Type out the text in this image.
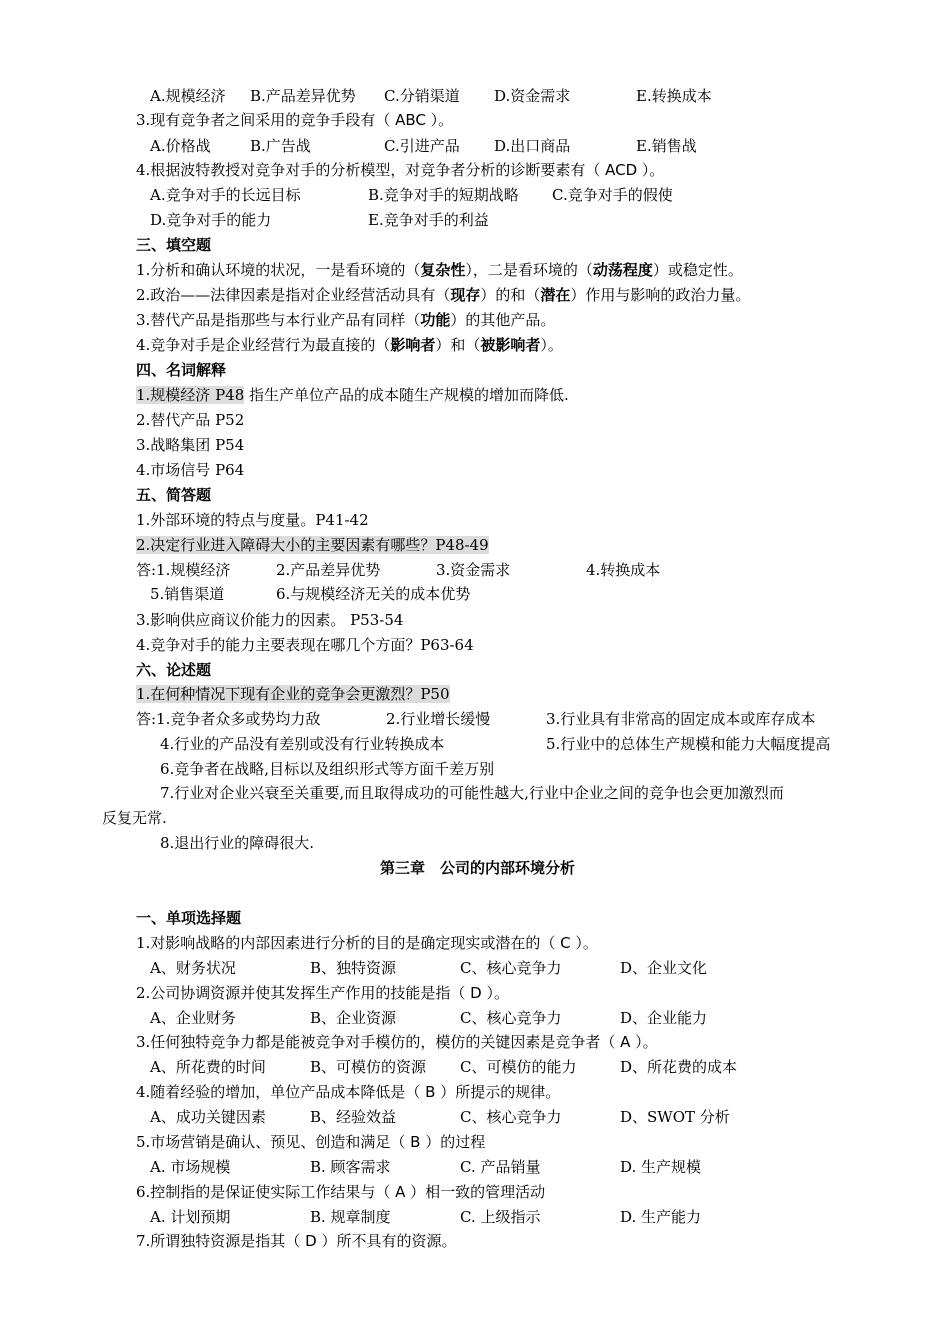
A.规模经济 B.产品差异优势 C.分销渠道 D.资金需求	E.转换成本
3.现有竞争者之间采用的竞争手段有（ ABC ）。
A.价格战	B.广告战	C.引进产品 D.出口商品	E.销售战
4.根据波特教授对竞争对手的分析模型，对竞争者分析的诊断要素有（ ACD ）。
A.竞争对手的长远目标	B.竞争对手的短期战略 C.竞争对手的假使
D.竞争对手的能力	E.竞争对手的利益
三、填空题
1.分析和确认环境的状况，一是看环境的（复杂性），二是看环境的（动荡程度）或稳定性。
2.政治——法律因素是指对企业经营活动具有（现存）的和（潜在）作用与影响的政治力量。
3.替代产品是指那些与本行业产品有同样（功能）的其他产品。
4.竞争对手是企业经营行为最直接的（影响者）和（被影响者）。
四、名词解释
1.规模经济 P48 指生产单位产品的成本随生产规模的增加而降低.
2.替代产品 P52
3.战略集团 P54
4.市场信号 P64
五、简答题
1.外部环境的特点与度量。P41-42
2.决定行业进入障碍大小的主要因素有哪些？P48-49
答:1.规模经济	2.产品差异优势	3.资金需求	4.转换成本
5.销售渠道	6.与规模经济无关的成本优势
3.影响供应商议价能力的因素。 P53-54
4.竞争对手的能力主要表现在哪几个方面？P63-64
六、论述题
1.在何种情况下现有企业的竞争会更激烈？P50
答:1.竞争者众多或势均力敌	2.行业增长缓慢	3.行业具有非常高的固定成本或库存成本
4.行业的产品没有差别或没有行业转换成本	5.行业中的总体生产规模和能力大幅度提高
6.竞争者在战略,目标以及组织形式等方面千差万别
7.行业对企业兴衰至关重要,而且取得成功的可能性越大,行业中企业之间的竞争也会更加激烈而
反复无常.
8.退出行业的障碍很大.
第三章　公司的内部环境分析
一、单项选择题
1.对影响战略的内部因素进行分析的目的是确定现实或潜在的（ C ）。
A、财务状况	B、独特资源	C、核心竞争力	D、企业文化
2.公司协调资源并使其发挥生产作用的技能是指（ D ）。
A、企业财务	B、企业资源	C、核心竞争力	D、企业能力
3.任何独特竞争力都是能被竞争对手模仿的，模仿的关键因素是竞争者（ A ）。
A、所花费的时间	B、可模仿的资源 C、可模仿的能力	D、所花费的成本
4.随着经验的增加，单位产品成本降低是（ B ）所提示的规律。
A、成功关键因素	B、经验效益	C、核心竞争力	D、SWOT 分析
5.市场营销是确认、预见、创造和满足（ B ）的过程
A. 市场规模	B. 顾客需求	C. 产品销量	D. 生产规模
6.控制指的是保证使实际工作结果与（ A ）相一致的管理活动
A. 计划预期	B. 规章制度	C. 上级指示	D. 生产能力
7.所谓独特资源是指其（ D ）所不具有的资源。
